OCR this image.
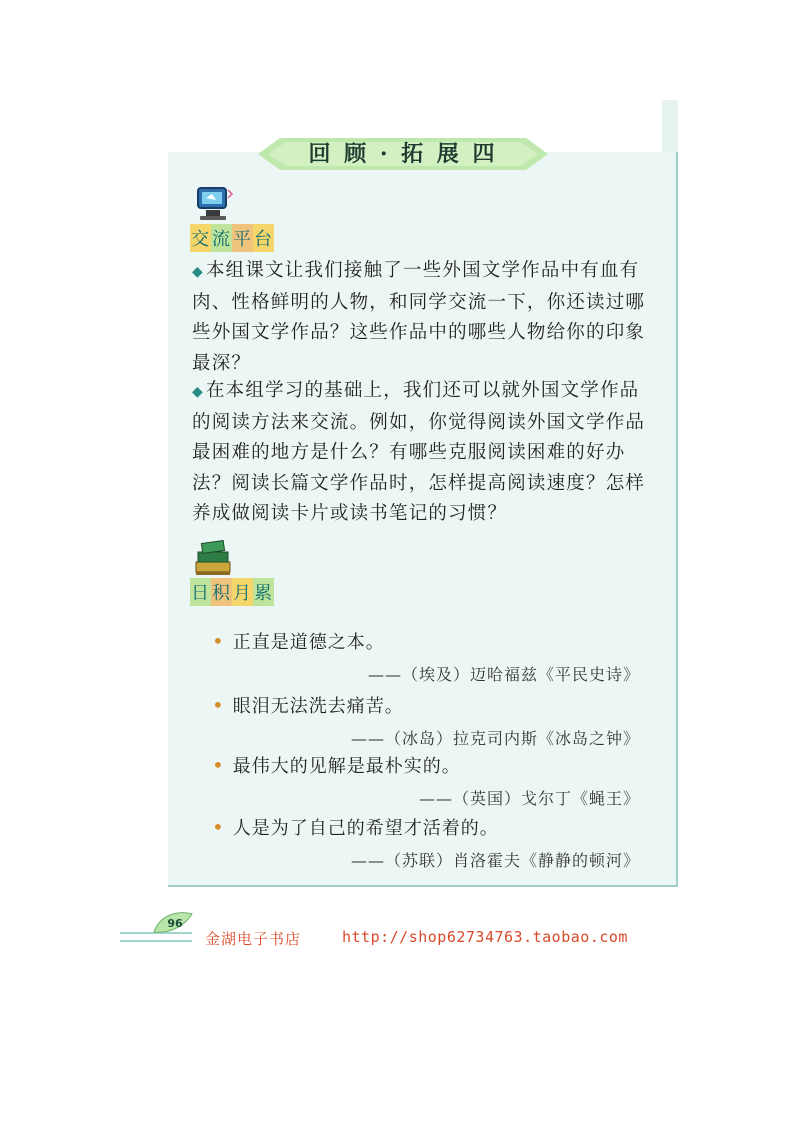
回 顾 · 拓 展 四
交 流 平 台
◆ 本组课文让我们接触了一些外国文学作品中有血有肉、性格鲜明的人物，和同学交流一下，你还读过哪些外国文学作品？这些作品中的哪些人物给你的印象最深？
◆ 在本组学习的基础上，我们还可以就外国文学作品的阅读方法来交流。例如，你觉得阅读外国文学作品最困难的地方是什么？有哪些克服阅读困难的好办法？阅读长篇文学作品时，怎样提高阅读速度？怎样养成做阅读卡片或读书笔记的习惯？
日 积 月 累
• 正直是道德之本。
——（埃及）迈哈福兹《平民史诗》
• 眼泪无法洗去痛苦。
——（冰岛）拉克司内斯《冰岛之钟》
• 最伟大的见解是最朴实的。
——（英国）戈尔丁《蝇王》
• 人是为了自己的希望才活着的。
——（苏联）肖洛霍夫《静静的顿河》
96
金湖电子书店	http://shop62734763.taobao.com
